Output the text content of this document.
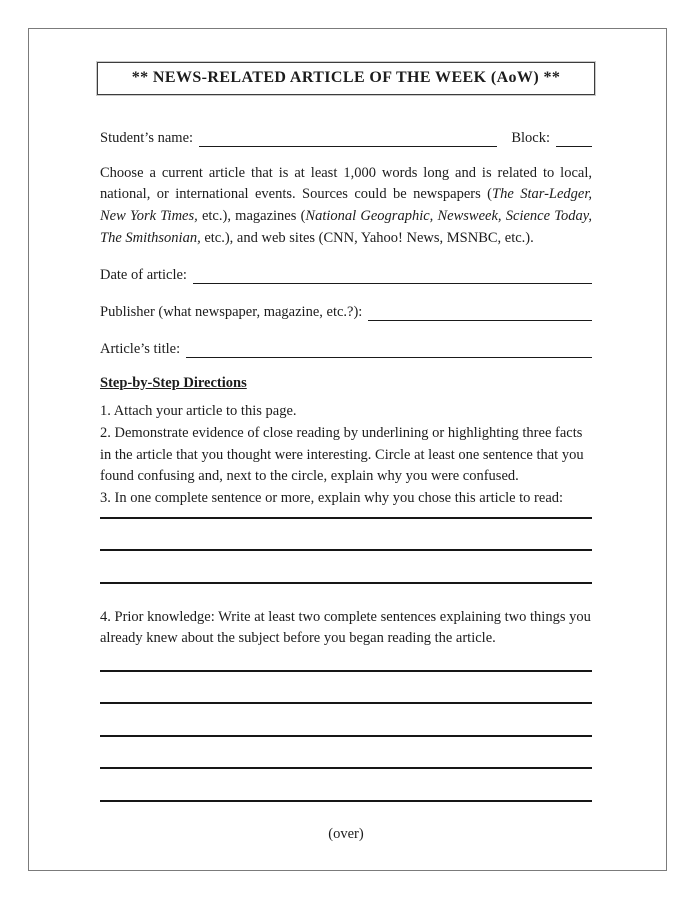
** NEWS-RELATED ARTICLE OF THE WEEK (AoW) **
Student’s name:	Block:

Choose a current article that is at least 1,000 words long and is related to local, national, or international events. Sources could be newspapers (The Star-Ledger, New York Times, etc.), magazines (National Geographic, Newsweek, Science Today, The Smithsonian, etc.), and web sites (CNN, Yahoo! News, MSNBC, etc.).

Date of article:
Publisher (what newspaper, magazine, etc.?):
Article’s title:

Step-by-Step Directions

1. Attach your article to this page.

2. Demonstrate evidence of close reading by underlining or highlighting three facts in the article that you thought were interesting. Circle at least one sentence that you found confusing and, next to the circle, explain why you were confused.

3. In one complete sentence or more, explain why you chose this article to read:

4. Prior knowledge: Write at least two complete sentences explaining two things you already knew about the subject before you began reading the article.

(over)
